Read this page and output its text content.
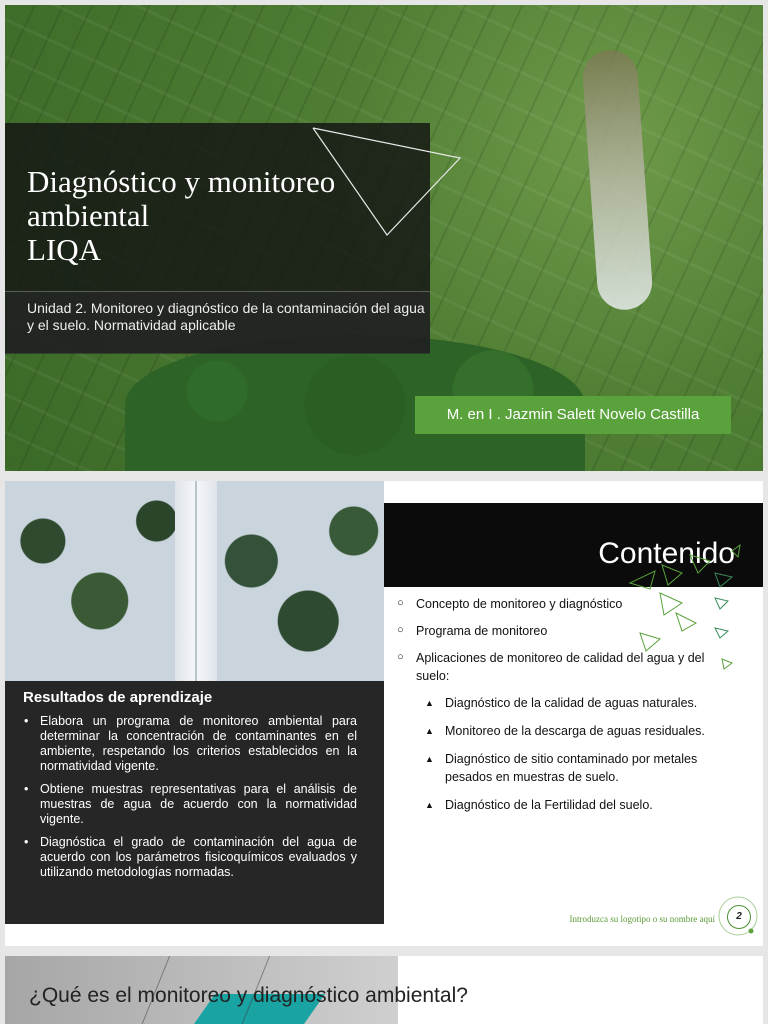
Diagnóstico y monitoreo
ambiental
LIQA
Unidad 2. Monitoreo y diagnóstico de la contaminación del agua y el suelo. Normatividad aplicable
M. en I . Jazmin Salett Novelo Castilla
Resultados de aprendizaje
• Elabora un programa de monitoreo ambiental para determinar la concentración de contaminantes en el ambiente, respetando los criterios establecidos en la normatividad vigente.
• Obtiene muestras representativas para el análisis de muestras de agua de acuerdo con la normatividad vigente.
• Diagnóstica el grado de contaminación del agua de acuerdo con los parámetros fisicoquímicos evaluados y utilizando metodologías normadas.
Contenido
○ Concepto de monitoreo y diagnóstico
○ Programa de monitoreo
○ Aplicaciones de monitoreo de calidad del agua y del suelo:
▲ Diagnóstico de la calidad de aguas naturales.
▲ Monitoreo de la descarga de aguas residuales.
▲ Diagnóstico de sitio contaminado por metales pesados en muestras de suelo.
▲ Diagnóstico de la Fertilidad del suelo.
Introduzca su logotipo o su nombre aquí	2
¿Qué es el monitoreo y diagnóstico ambiental?
